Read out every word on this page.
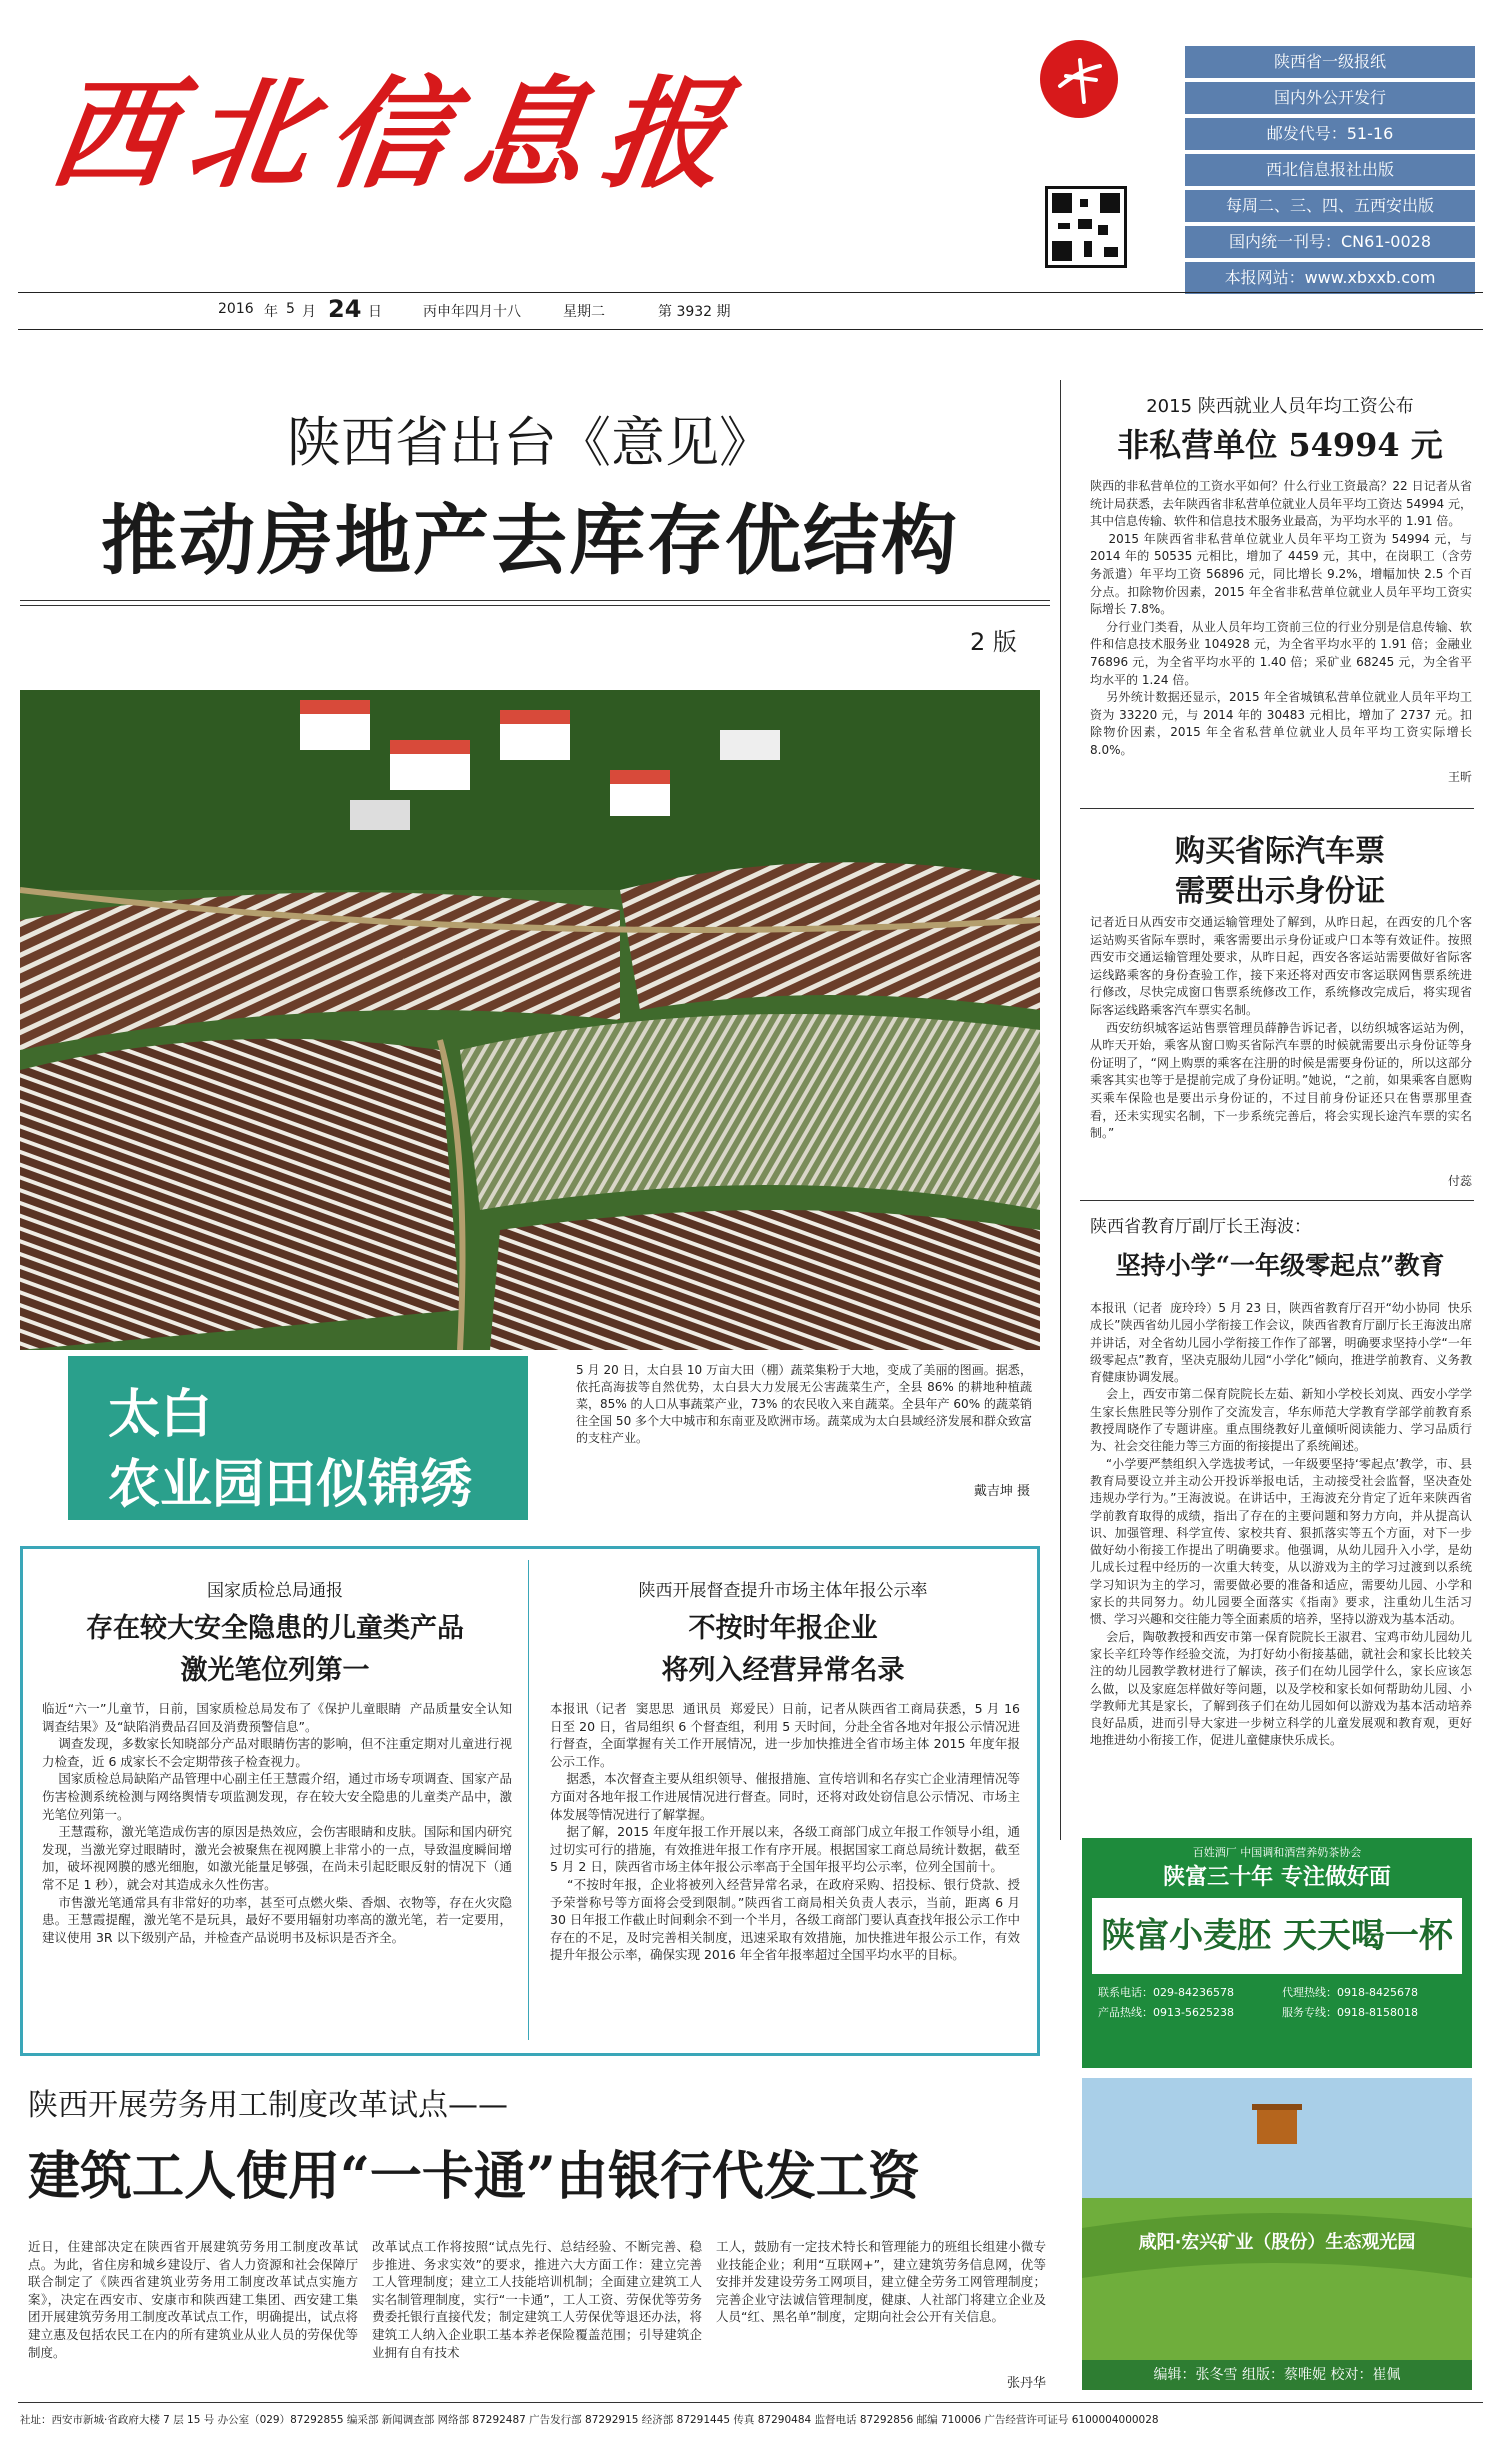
西北信息报
陕西省一级报纸
国内外公开发行
邮发代号：51-16
西北信息报社出版
每周二、三、四、五西安出版
国内统一刊号：CN61-0028
本报网站：www.xbxxb.com
2016 年 5 月 24 日	丙申年四月十八	星期二	第 3932 期
陕西省出台《意见》
推动房地产去库存优结构
2 版
太白
农业园田似锦绣
5 月 20 日，太白县 10 万亩大田（棚）蔬菜集粉于大地，变成了美丽的图画。据悉，依托高海拔等自然优势，太白县大力发展无公害蔬菜生产，全县 86% 的耕地种植蔬菜，85% 的人口从事蔬菜产业，73% 的农民收入来自蔬菜。全县年产 60% 的蔬菜销往全国 50 多个大中城市和东南亚及欧洲市场。蔬菜成为太白县域经济发展和群众致富的支柱产业。
戴吉坤 摄
2015 陕西就业人员年均工资公布
非私营单位 54994 元
陕西的非私营单位的工资水平如何？什么行业工资最高？22 日记者从省统计局获悉，去年陕西省非私营单位就业人员年平均工资达 54994 元，其中信息传输、软件和信息技术服务业最高，为平均水平的 1.91 倍。
2015 年陕西省非私营单位就业人员年平均工资为 54994 元，与 2014 年的 50535 元相比，增加了 4459 元，其中，在岗职工（含劳务派遣）年平均工资 56896 元，同比增长 9.2%，增幅加快 2.5 个百分点。扣除物价因素，2015 年全省非私营单位就业人员年平均工资实际增长 7.8%。
分行业门类看，从业人员年均工资前三位的行业分别是信息传输、软件和信息技术服务业 104928 元，为全省平均水平的 1.91 倍；金融业 76896 元，为全省平均水平的 1.40 倍；采矿业 68245 元，为全省平均水平的 1.24 倍。
另外统计数据还显示，2015 年全省城镇私营单位就业人员年平均工资为 33220 元，与 2014 年的 30483 元相比，增加了 2737 元。扣除物价因素，2015 年全省私营单位就业人员年平均工资实际增长 8.0%。
王昕
购买省际汽车票
需要出示身份证
记者近日从西安市交通运输管理处了解到，从昨日起，在西安的几个客运站购买省际车票时，乘客需要出示身份证或户口本等有效证件。按照西安市交通运输管理处要求，从昨日起，西安各客运站需要做好省际客运线路乘客的身份查验工作，接下来还将对西安市客运联网售票系统进行修改，尽快完成窗口售票系统修改工作，系统修改完成后，将实现省际客运线路乘客汽车票实名制。
西安纺织城客运站售票管理员薛静告诉记者，以纺织城客运站为例，从昨天开始，乘客从窗口购买省际汽车票的时候就需要出示身份证等身份证明了，“网上购票的乘客在注册的时候是需要身份证的，所以这部分乘客其实也等于是提前完成了身份证明。”她说，“之前，如果乘客自愿购买乘车保险也是要出示身份证的，不过目前身份证还只在售票那里查看，还未实现实名制，下一步系统完善后，将会实现长途汽车票的实名制。”
付蕊
陕西省教育厅副厅长王海波：
坚持小学“一年级零起点”教育
本报讯（记者  庞玲玲）5 月 23 日，陕西省教育厅召开“幼小协同  快乐成长”陕西省幼儿园小学衔接工作会议，陕西省教育厅副厅长王海波出席并讲话，对全省幼儿园小学衔接工作作了部署，明确要求坚持小学“一年级零起点”教育，坚决克服幼儿园“小学化”倾向，推进学前教育、义务教育健康协调发展。
会上，西安市第二保育院院长左茹、新知小学校长刘岚、西安小学学生家长焦胜民等分别作了交流发言，华东师范大学教育学部学前教育系教授周晓作了专题讲座。重点围绕教好儿童倾听阅读能力、学习品质行为、社会交往能力等三方面的衔接提出了系统阐述。
“小学要严禁组织入学选拔考试，一年级要坚持‘零起点’教学，市、县教育局要设立并主动公开投诉举报电话，主动接受社会监督，坚决查处违规办学行为。”王海波说。在讲话中，王海波充分肯定了近年来陕西省学前教育取得的成绩，指出了存在的主要问题和努力方向，并从提高认识、加强管理、科学宣传、家校共育、狠抓落实等五个方面，对下一步做好幼小衔接工作提出了明确要求。他强调，从幼儿园升入小学，是幼儿成长过程中经历的一次重大转变，从以游戏为主的学习过渡到以系统学习知识为主的学习，需要做必要的准备和适应，需要幼儿园、小学和家长的共同努力。幼儿园要全面落实《指南》要求，注重幼儿生活习惯、学习兴趣和交往能力等全面素质的培养，坚持以游戏为基本活动。
会后，陶敬教授和西安市第一保育院院长王淑君、宝鸡市幼儿园幼儿家长辛红玲等作经验交流，为打好幼小衔接基础，就社会和家长比较关注的幼儿园教学教材进行了解读，孩子们在幼儿园学什么，家长应该怎么做，以及家庭怎样做好等问题，以及学校和家长如何帮助幼儿园、小学教师尤其是家长，了解到孩子们在幼儿园如何以游戏为基本活动培养良好品质，进而引导大家进一步树立科学的儿童发展观和教育观，更好地推进幼小衔接工作，促进儿童健康快乐成长。
国家质检总局通报
存在较大安全隐患的儿童类产品
激光笔位列第一
临近“六一”儿童节，日前，国家质检总局发布了《保护儿童眼睛  产品质量安全认知调查结果》及“缺陷消费品召回及消费预警信息”。
调查发现，多数家长知晓部分产品对眼睛伤害的影响，但不注重定期对儿童进行视力检查，近 6 成家长不会定期带孩子检查视力。
国家质检总局缺陷产品管理中心副主任王慧霞介绍，通过市场专项调查、国家产品伤害检测系统检测与网络舆情专项监测发现，存在较大安全隐患的儿童类产品中，激光笔位列第一。
王慧霞称，激光笔造成伤害的原因是热效应，会伤害眼睛和皮肤。国际和国内研究发现，当激光穿过眼睛时，激光会被聚焦在视网膜上非常小的一点，导致温度瞬间增加，破坏视网膜的感光细胞，如激光能量足够强，在尚未引起眨眼反射的情况下（通常不足 1 秒），就会对其造成永久性伤害。
市售激光笔通常具有非常好的功率，甚至可点燃火柴、香烟、衣物等，存在火灾隐患。王慧霞提醒，激光笔不是玩具，最好不要用辐射功率高的激光笔，若一定要用，建议使用 3R 以下级别产品，并检查产品说明书及标识是否齐全。
陕西开展督查提升市场主体年报公示率
不按时年报企业
将列入经营异常名录
本报讯（记者  窦思思  通讯员  郑爱民）日前，记者从陕西省工商局获悉，5 月 16 日至 20 日，省局组织 6 个督查组，利用 5 天时间，分赴全省各地对年报公示情况进行督查，全面掌握有关工作开展情况，进一步加快推进全省市场主体 2015 年度年报公示工作。
据悉，本次督查主要从组织领导、催报措施、宣传培训和名存实亡企业清理情况等方面对各地年报工作进展情况进行督查。同时，还将对政处窃信息公示情况、市场主体发展等情况进行了解掌握。
据了解，2015 年度年报工作开展以来，各级工商部门成立年报工作领导小组，通过切实可行的措施，有效推进年报工作有序开展。根据国家工商总局统计数据，截至 5 月 2 日，陕西省市场主体年报公示率高于全国年报平均公示率，位列全国前十。
“不按时年报，企业将被列入经营异常名录，在政府采购、招投标、银行贷款、授予荣誉称号等方面将会受到限制。”陕西省工商局相关负责人表示，当前，距离 6 月 30 日年报工作截止时间剩余不到一个半月，各级工商部门要认真查找年报公示工作中存在的不足，及时完善相关制度，迅速采取有效措施，加快推进年报公示工作，有效提升年报公示率，确保实现 2016 年全省年报率超过全国平均水平的目标。
陕西开展劳务用工制度改革试点——
建筑工人使用“一卡通”由银行代发工资
近日，住建部决定在陕西省开展建筑劳务用工制度改革试点。为此，省住房和城乡建设厅、省人力资源和社会保障厅联合制定了《陕西省建筑业劳务用工制度改革试点实施方案》，决定在西安市、安康市和陕西建工集团、西安建工集团开展建筑劳务用工制度改革试点工作，明确提出，试点将建立惠及包括农民工在内的所有建筑业从业人员的劳保优等制度。
改革试点工作将按照“试点先行、总结经验、不断完善、稳步推进、务求实效”的要求，推进六大方面工作：建立完善工人管理制度；建立工人技能培训机制；全面建立建筑工人实名制管理制度，实行“一卡通”，工人工资、劳保优等劳务费委托银行直接代发；制定建筑工人劳保优等退还办法，将建筑工人纳入企业职工基本养老保险覆盖范围；引导建筑企业拥有自有技术
工人，鼓励有一定技术特长和管理能力的班组长组建小微专业技能企业；利用“互联网+”，建立建筑劳务信息网，优等安排并发建设劳务工网项目，建立健全劳务工网管理制度；完善企业守法诚信管理制度，健康、人社部门将建立企业及人员“红、黑名单”制度，定期向社会公开有关信息。
张丹华
百姓酒厂 中国调和酒营养奶茶协会
陕富三十年 专注做好面
陕富小麦胚 天天喝一杯
联系电话：029-84236578	代理热线：0918-8425678
产品热线：0913-5625238	服务专线：0918-8158018
咸阳·宏兴矿业（股份）生态观光园
编辑：张冬雪 组版：蔡唯妮 校对：崔佩
社址：西安市新城·省政府大楼 7 层 15 号 办公室（029）87292855 编采部 新闻调查部 网络部 87292487 广告发行部 87292915 经济部 87291445 传真 87290484 监督电话 87292856 邮编 710006 广告经营许可证号 6100004000028
